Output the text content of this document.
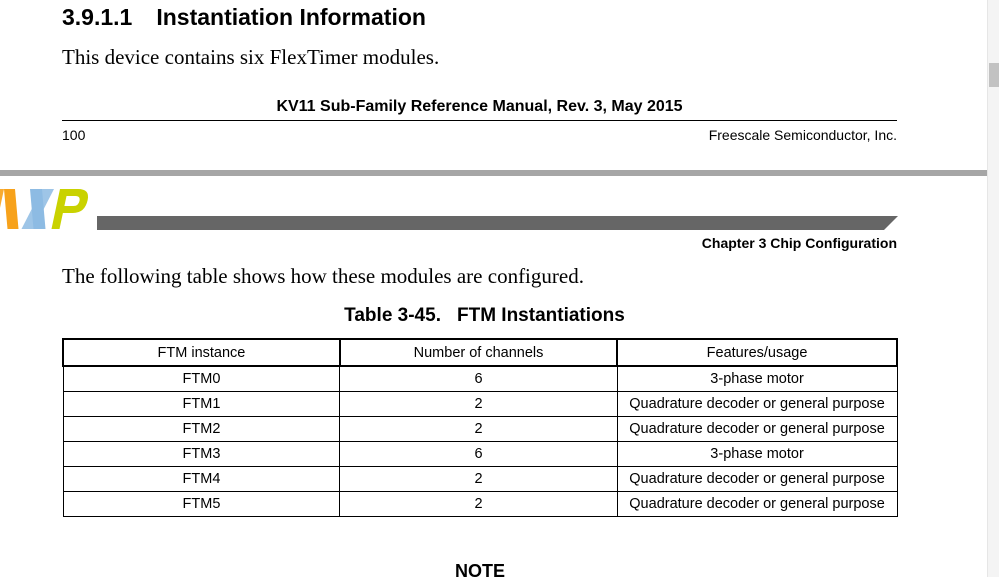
3.9.1.1 Instantiation Information

This device contains six FlexTimer modules.

KV11 Sub-Family Reference Manual, Rev. 3, May 2015
100	Freescale Semiconductor, Inc.
Chapter 3 Chip Configuration

The following table shows how these modules are configured.

Table 3-45. FTM Instantiations
FTM instance	Number of channels	Features/usage
FTM0	6	3-phase motor
FTM1	2	Quadrature decoder or general purpose
FTM2	2	Quadrature decoder or general purpose
FTM3	6	3-phase motor
FTM4	2	Quadrature decoder or general purpose
FTM5	2	Quadrature decoder or general purpose
NOTE
